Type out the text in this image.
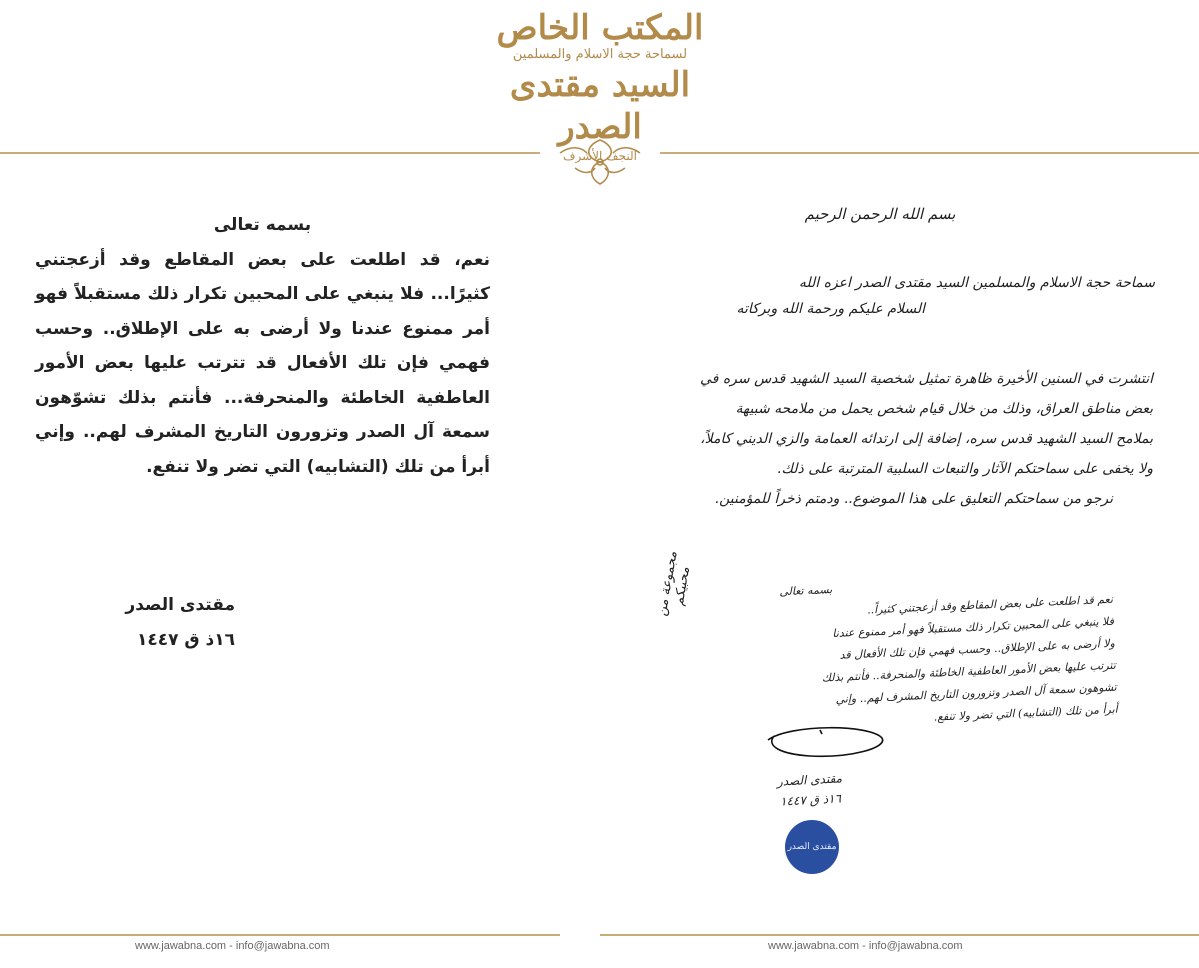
المكتب الخاص
لسماحة حجة الاسلام والمسلمين
السيد مقتدى الصدر
النجف الأشرف
بسمه تعالى
نعم، قد اطلعت على بعض المقاطع وقد أزعجتني كثيرًا... فلا ينبغي على المحبين تكرار ذلك مستقبلاً فهو أمر ممنوع عندنا ولا أرضى به على الإطلاق.. وحسب فهمي فإن تلك الأفعال قد تترتب عليها بعض الأمور العاطفية الخاطئة والمنحرفة... فأنتم بذلك تشوّهون سمعة آل الصدر وتزورون التاريخ المشرف لهم.. وإني أبرأ من تلك (التشابيه) التي تضر ولا تنفع.
مقتدى الصدر
١٦ذ ق ١٤٤٧
بسم الله الرحمن الرحيم
سماحة حجة الاسلام والمسلمين السيد مقتدى الصدر اعزه الله
السلام عليكم ورحمة الله وبركاته
انتشرت في السنين الأخيرة ظاهرة تمثيل شخصية السيد الشهيد قدس سره في
بعض مناطق العراق، وذلك من خلال قيام شخص يحمل من ملامحه شبيهة
بملامح السيد الشهيد قدس سره، إضافة إلى ارتدائه العمامة والزي الديني كاملاً،
ولا يخفى على سماحتكم الآثار والتبعات السلبية المترتبة على ذلك.
نرجو من سماحتكم التعليق على هذا الموضوع.. ودمتم ذخراً للمؤمنين.
مجموعة من محبيكم	بسمه تعالى
نعم قد اطلعت على بعض المقاطع وقد أزعجتني كثيراً..
فلا ينبغي على المحبين تكرار ذلك مستقبلاً فهو أمر ممنوع عندنا
ولا أرضى به على الإطلاق.. وحسب فهمي فإن تلك الأفعال قد
تترتب عليها بعض الأمور العاطفية الخاطئة والمنحرفة.. فأنتم بذلك
تشوهون سمعة آل الصدر وتزورون التاريخ المشرف لهم.. وإني
أبرأ من تلك (التشابيه) التي تضر ولا تنفع.
مقتدى الصدر
١٦ذ ق ١٤٤٧
مقتدى الصدر
www.jawabna.com - info@jawabna.com	www.jawabna.com - info@jawabna.com
